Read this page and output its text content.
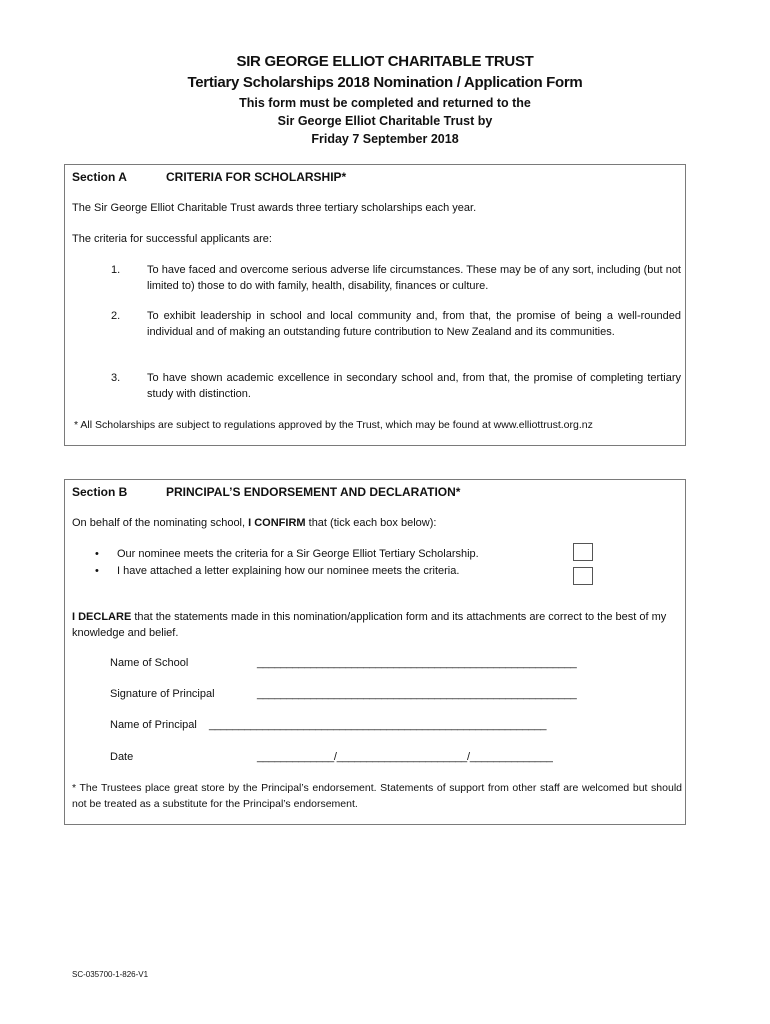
SIR GEORGE ELLIOT CHARITABLE TRUST
Tertiary Scholarships 2018 Nomination / Application Form
This form must be completed and returned to the
Sir George Elliot Charitable Trust by
Friday 7 September 2018
Section A	CRITERIA FOR SCHOLARSHIP*
The Sir George Elliot Charitable Trust awards three tertiary scholarships each year.
The criteria for successful applicants are:
1. To have faced and overcome serious adverse life circumstances. These may be of any sort, including (but not limited to) those to do with family, health, disability, finances or culture.
2. To exhibit leadership in school and local community and, from that, the promise of being a well-rounded individual and of making an outstanding future contribution to New Zealand and its communities.
3. To have shown academic excellence in secondary school and, from that, the promise of completing tertiary study with distinction.
* All Scholarships are subject to regulations approved by the Trust, which may be found at www.elliottrust.org.nz
Section B	PRINCIPAL’S ENDORSEMENT AND DECLARATION*
On behalf of the nominating school, I CONFIRM that (tick each box below):
• Our nominee meets the criteria for a Sir George Elliot Tertiary Scholarship.
• I have attached a letter explaining how our nominee meets the criteria.
I DECLARE that the statements made in this nomination/application form and its attachments are correct to the best of my knowledge and belief.
Name of School	______________________________________________________
Signature of Principal	______________________________________________________
Name of Principal _________________________________________________________
Date	_____________/______________________/______________
* The Trustees place great store by the Principal’s endorsement. Statements of support from other staff are welcomed but should not be treated as a substitute for the Principal’s endorsement.
SC-035700-1-826-V1
